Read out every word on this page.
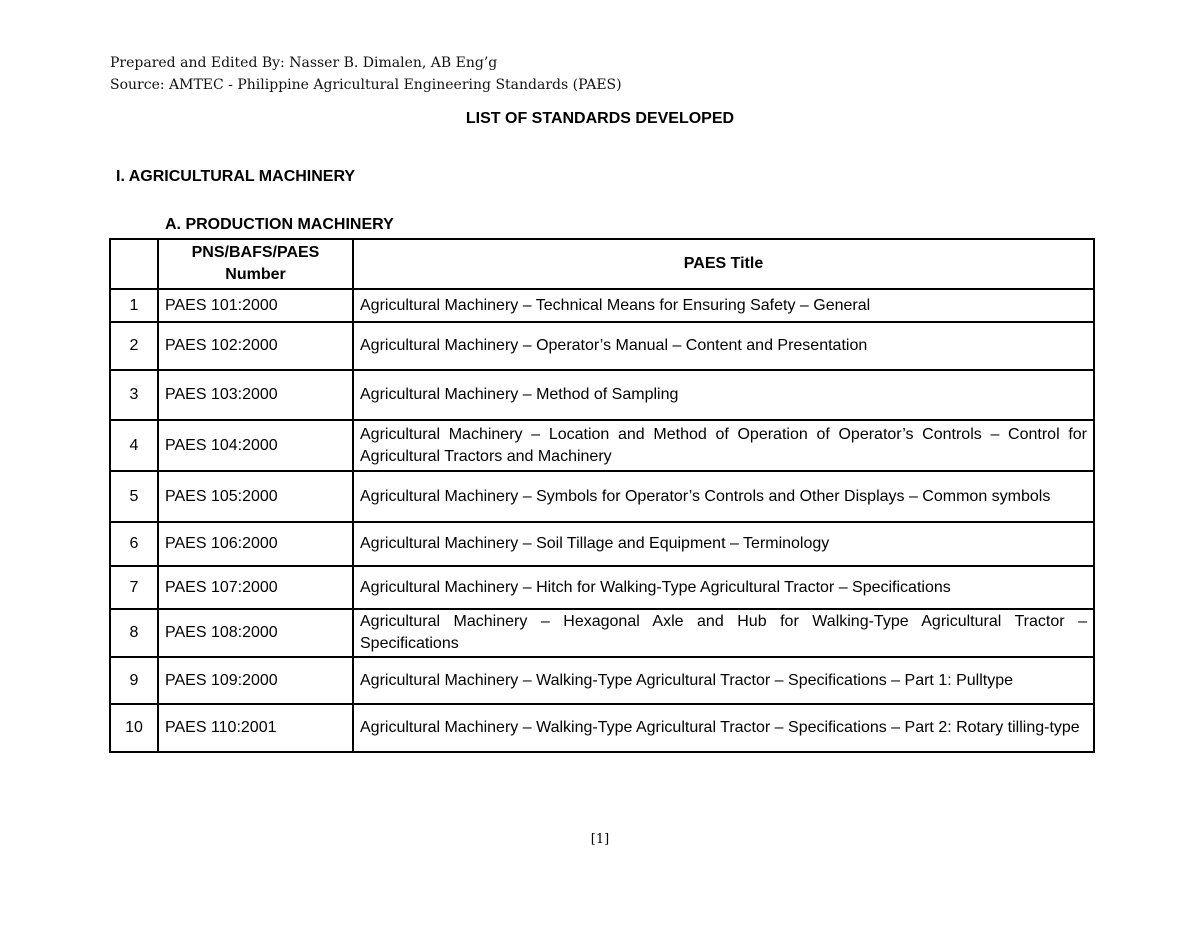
Prepared and Edited By: Nasser B. Dimalen, AB Eng’g
Source: AMTEC - Philippine Agricultural Engineering Standards (PAES)
LIST OF STANDARDS DEVELOPED
I. AGRICULTURAL MACHINERY
A. PRODUCTION MACHINERY
	PNS/BAFS/PAES Number	PAES Title
1	PAES 101:2000	Agricultural Machinery – Technical Means for Ensuring Safety – General
2	PAES 102:2000	Agricultural Machinery – Operator’s Manual – Content and Presentation
3	PAES 103:2000	Agricultural Machinery – Method of Sampling
4	PAES 104:2000	Agricultural Machinery – Location and Method of Operation of Operator’s Controls – Control for Agricultural Tractors and Machinery
5	PAES 105:2000	Agricultural Machinery – Symbols for Operator’s Controls and Other Displays – Common symbols
6	PAES 106:2000	Agricultural Machinery – Soil Tillage and Equipment – Terminology
7	PAES 107:2000	Agricultural Machinery – Hitch for Walking-Type Agricultural Tractor – Specifications
8	PAES 108:2000	Agricultural Machinery – Hexagonal Axle and Hub for Walking-Type Agricultural Tractor – Specifications
9	PAES 109:2000	Agricultural Machinery – Walking-Type Agricultural Tractor – Specifications – Part 1: Pulltype
10	PAES 110:2001	Agricultural Machinery – Walking-Type Agricultural Tractor – Specifications – Part 2: Rotary tilling-type
[1]
